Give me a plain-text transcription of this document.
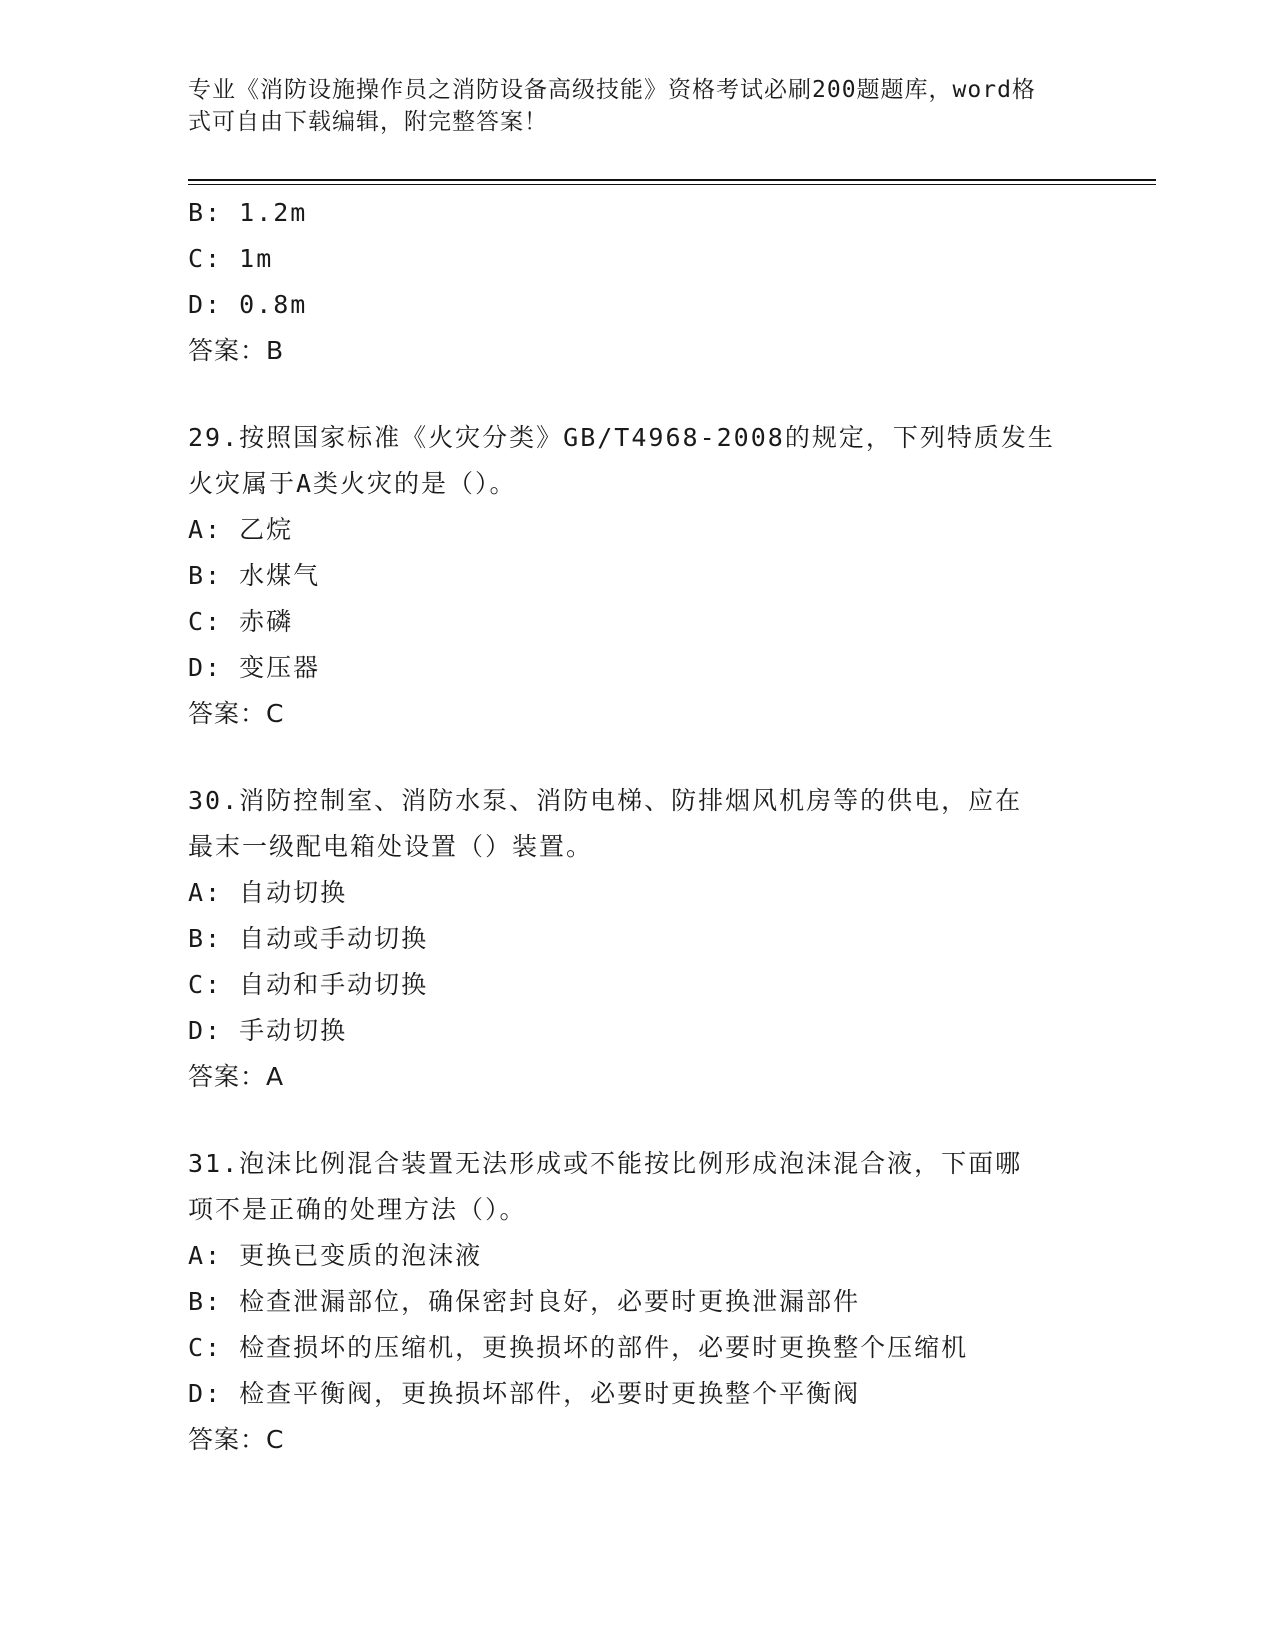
专业《消防设施操作员之消防设备高级技能》资格考试必刷200题题库，word格
式可自由下载编辑，附完整答案！
B: 1.2m
C: 1m
D: 0.8m
答案：B
29.按照国家标准《火灾分类》GB/T4968-2008的规定，下列特质发生
火灾属于A类火灾的是（）。
A: 乙烷
B: 水煤气
C: 赤磷
D: 变压器
答案：C
30.消防控制室、消防水泵、消防电梯、防排烟风机房等的供电，应在
最末一级配电箱处设置（）装置。
A: 自动切换
B: 自动或手动切换
C: 自动和手动切换
D: 手动切换
答案：A
31.泡沫比例混合装置无法形成或不能按比例形成泡沫混合液，下面哪
项不是正确的处理方法（）。
A: 更换已变质的泡沫液
B: 检查泄漏部位，确保密封良好，必要时更换泄漏部件
C: 检查损坏的压缩机，更换损坏的部件，必要时更换整个压缩机
D: 检查平衡阀，更换损坏部件，必要时更换整个平衡阀
答案：C
